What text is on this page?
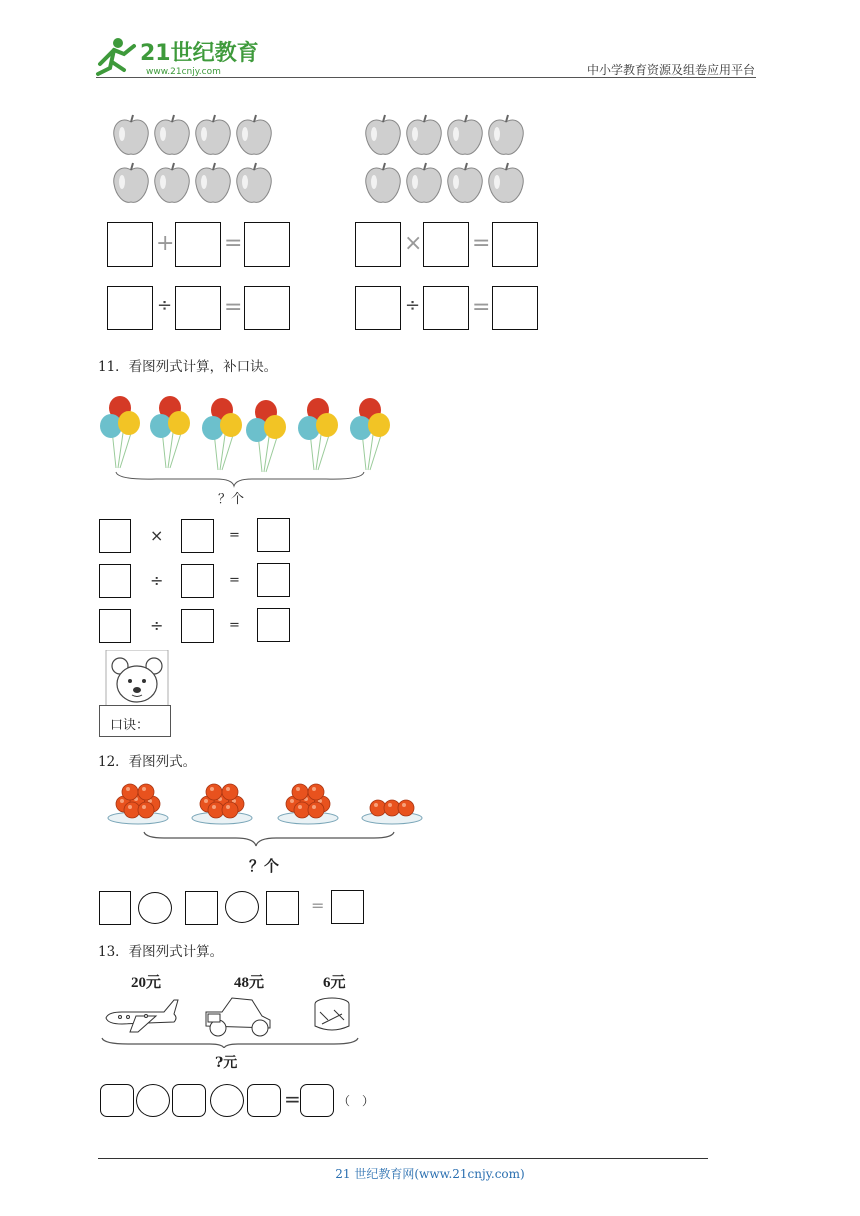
21世纪教育
www.21cnjy.com	中小学教育资源及组卷应用平台
+ =
÷ =
× =
÷ =
11．看图列式计算，补口诀。
？个
×	=
÷	=
÷	=
口诀：
12．看图列式。
？个
=
13．看图列式计算。
20元	48元	6元
?元
=	（　）
21 世纪教育网(www.21cnjy.com)
